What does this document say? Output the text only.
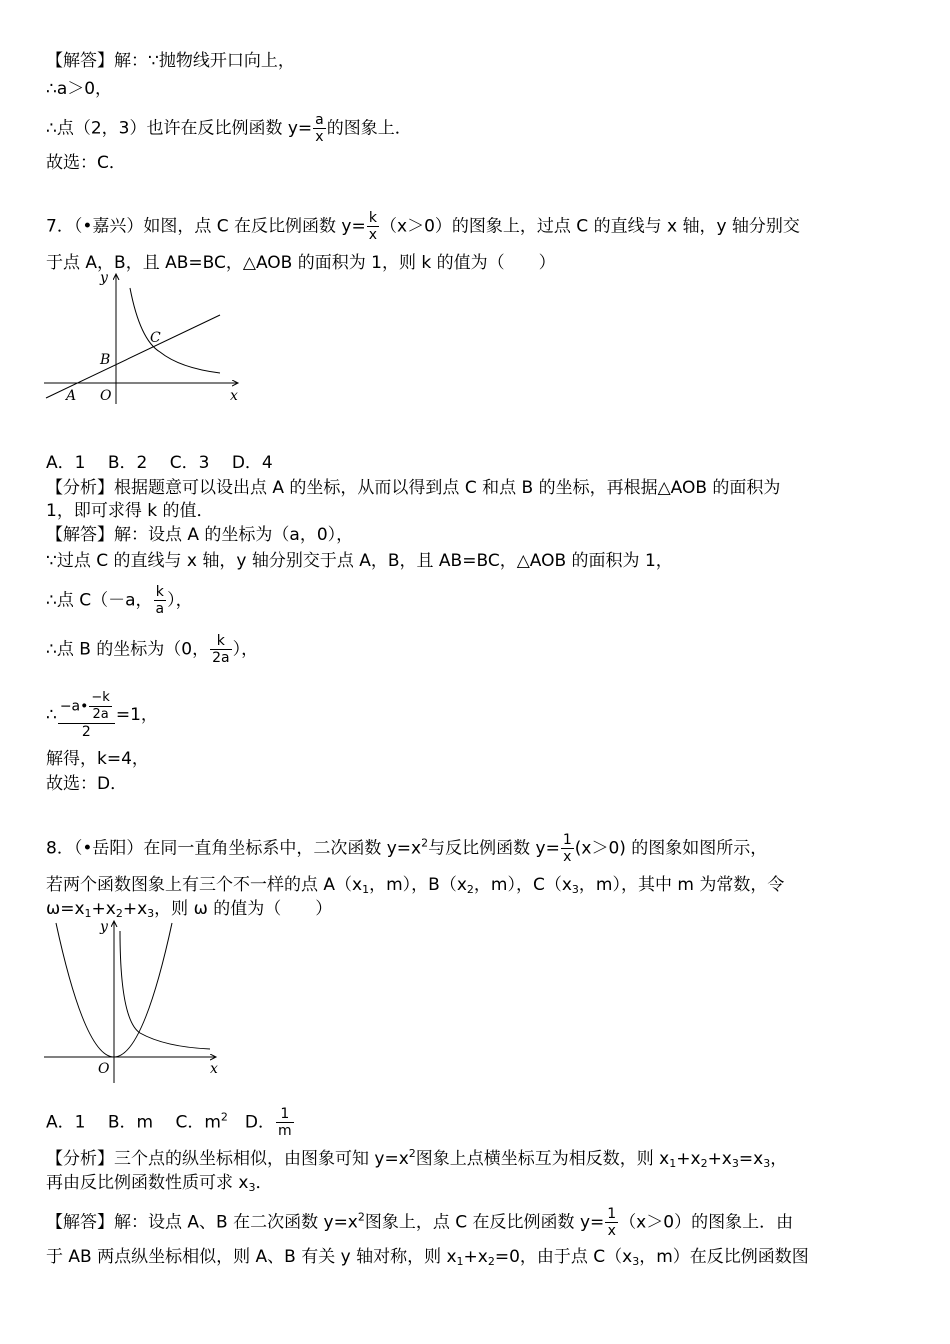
【解答】解：∵抛物线开口向上，
∴a＞0，
∴点（2，3）也许在反比例函数 $y= \frac{a}{x}$ 的图象上．
故选：C．
7．（•嘉兴）如图，点 C 在反比例函数 $y= \frac{k}{x} (x>0)$的图象上，过点 C 的直线与 x 轴，y 轴分别交
于点 A，B，且 AB=BC，△AOB 的面积为 1，则 k 的值为（　　）
y
x
A
B
C
O
A．1　 B．2　 C．3　 D．4
【分析】根据题意可以设出点 A 的坐标，从而以得到点 C 和点 B 的坐标，再根据△AOB 的面积为
1，即可求得 k 的值．
【解答】解：设点 A 的坐标为（a，0），
∵过点 C 的直线与 x 轴，y 轴分别交于点 A，B，且 AB=BC，△AOB 的面积为 1，
∴点 C（－a， $\frac{k}{a}$ ），
∴点 B 的坐标为（0， $\frac{k}{2a}$ ），
∴ $\frac{-a• \frac{-k}{2a}}{2} =1$，
解得，k=4，
故选：D．
8．（•岳阳）在同一直角坐标系中，二次函数 $y=x^2$与反比例函数 $y= \frac{1}{x} (x>0)$ 的图象如图所示，
若两个函数图象上有三个不一样的点 $A(x_1$，m），$B(x_2$，m），$C(x_3$，m），其中 m 为常数，令
$\omega=x_1+x_2+x_3$，则 ω 的值为（　　）
y
x
O
A．1　 B．m　 C．$m^2$　D． $\frac{1}{m}$
【分析】三个点的纵坐标相似，由图象可知 $y=x^2$图象上点横坐标互为相反数，则 $x_1+x_2+x_3=x_3$，
再由反比例函数性质可求 $x_3$．
【解答】解：设点 A、B 在二次函数 $y=x^2$图象上，点 C 在反比例函数 $y= \frac{1}{x} (x>0)$的图象上．由
于 AB 两点纵坐标相似，则 A、B 有关 y 轴对称，则 $x_1+x_2=0$，由于点 $C(x_3$，m）在反比例函数图
